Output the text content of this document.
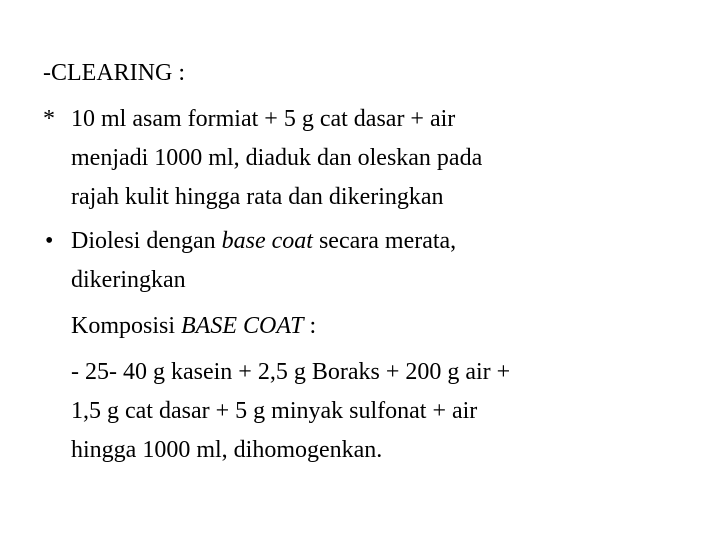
-CLEARING :

* 10 ml asam formiat + 5 g cat dasar + air

menjadi 1000 ml, diaduk dan oleskan pada

rajah kulit hingga rata dan dikeringkan

• Diolesi dengan base coat secara merata,

dikeringkan

Komposisi BASE COAT :

- 25- 40 g kasein + 2,5 g Boraks + 200 g air +

1,5 g cat dasar + 5 g minyak sulfonat + air

hingga 1000 ml, dihomogenkan.
